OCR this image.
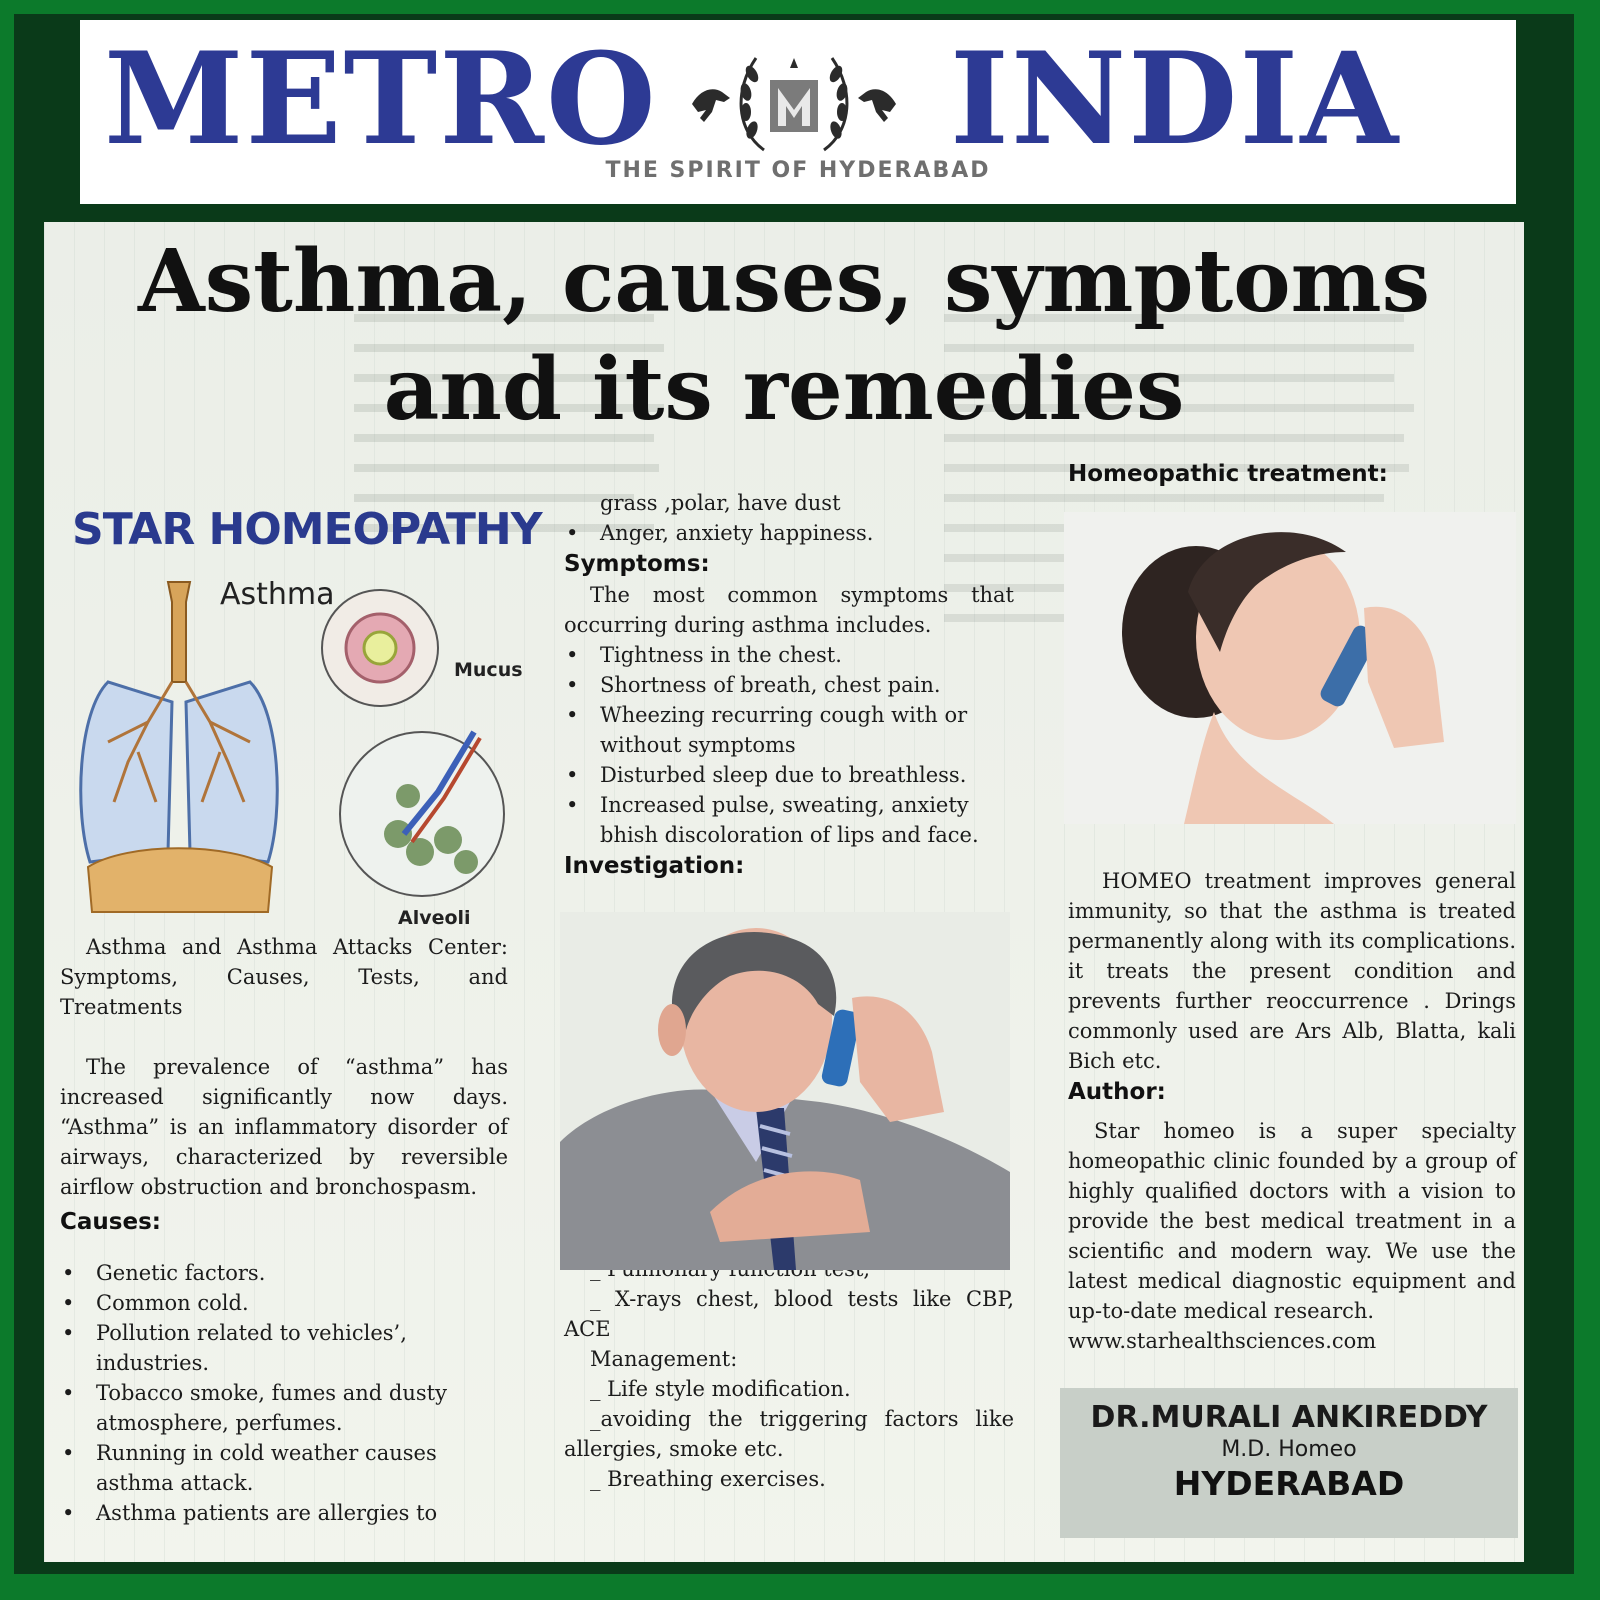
METRO INDIA
THE SPIRIT OF HYDERABAD
Asthma, causes, symptoms
and its remedies
STAR HOMEOPATHY
Asthma
Mucus
Alveoli

Asthma and Asthma Attacks Center: Symptoms, Causes, Tests, and Treatments

The prevalence of “asthma” has increased significantly now days. “Asthma” is an inflammatory disorder of airways, characterized by reversible airflow obstruction and bronchospasm.

Causes:

• Genetic factors.
• Common cold.
• Pollution related to vehicles’, industries.
• Tobacco smoke, fumes and dusty atmosphere, perfumes.
• Running in cold weather causes asthma attack.
• Asthma patients are allergies to

grass ,polar, have dust

• Anger, anxiety happiness.

Symptoms:

The most common symptoms that occurring during asthma includes.

• Tightness in the chest.
• Shortness of breath, chest pain.
• Wheezing recurring cough with or without symptoms
• Disturbed sleep due to breathless.
• Increased pulse, sweating, anxiety bhish discoloration of lips and face.

Investigation:

_ X-rays chest, blood tests like CBP, ACE

Management:

_ Life style modification.

_avoiding the triggering factors like allergies, smoke etc.

_ Breathing exercises.

Homeopathic treatment:

HOMEO treatment improves general immunity, so that the asthma is treated permanently along with its complications. it treats the present condition and prevents further reoccurrence . Drings commonly used are Ars Alb, Blatta, kali Bich etc.

Author:

Star homeo is a super specialty homeopathic clinic founded by a group of highly qualified doctors with a vision to provide the best medical treatment in a scientific and modern way. We use the latest medical diagnostic equipment and up-to-date medical research.

www.starhealthsciences.com

DR.MURALI ANKIREDDY
M.D. Homeo
HYDERABAD
